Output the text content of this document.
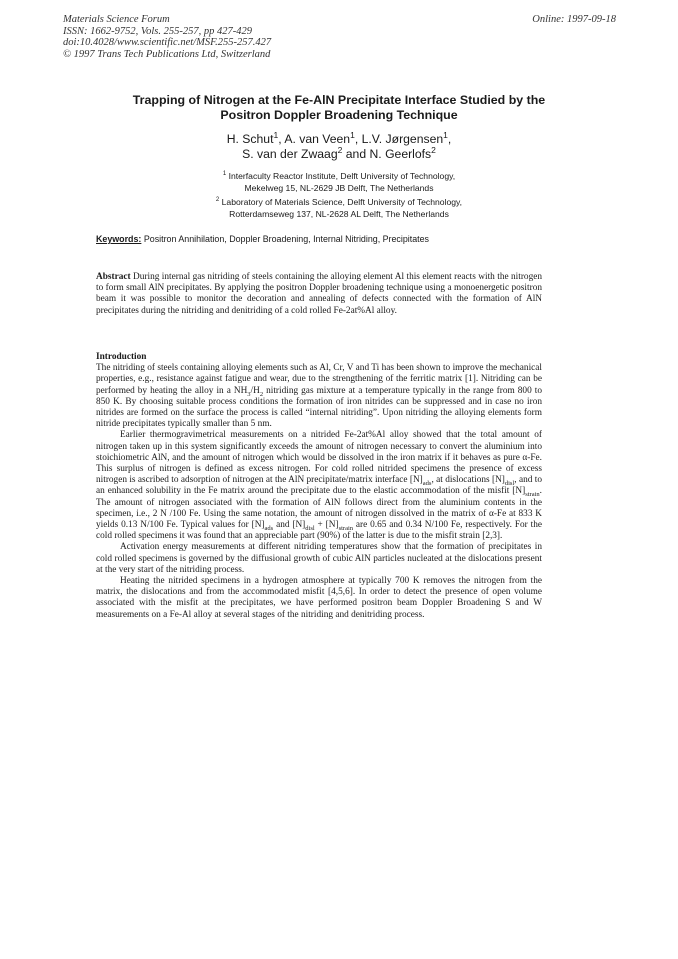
Materials Science Forum
ISSN: 1662-9752, Vols. 255-257, pp 427-429
doi:10.4028/www.scientific.net/MSF.255-257.427
© 1997 Trans Tech Publications Ltd, Switzerland
Online: 1997-09-18
Trapping of Nitrogen at the Fe-AlN Precipitate Interface Studied by the
Positron Doppler Broadening Technique
H. Schut$^1$, A. van Veen$^1$, L.V. Jørgensen$^1$,
S. van der Zwaag$^2$ and N. Geerlofs$^2$
$^1$ Interfaculty Reactor Institute, Delft University of Technology,
Mekelweg 15, NL-2629 JB Delft, The Netherlands
$^2$ Laboratory of Materials Science, Delft University of Technology,
Rotterdamseweg 137, NL-2628 AL Delft, The Netherlands
Keywords: Positron Annihilation, Doppler Broadening, Internal Nitriding, Precipitates

Abstract During internal gas nitriding of steels containing the alloying element Al this element reacts with the nitrogen to form small AlN precipitates. By applying the positron Doppler broadening technique using a monoenergetic positron beam it was possible to monitor the decoration and annealing of defects connected with the formation of AlN precipitates during the nitriding and denitriding of a cold rolled Fe-2at%Al alloy.

Introduction

The nitriding of steels containing alloying elements such as Al, Cr, V and Ti has been shown to improve the mechanical properties, e.g., resistance against fatigue and wear, due to the strengthening of the ferritic matrix [1]. Nitriding can be performed by heating the alloy in a $NH_3/H_2$ nitriding gas mixture at a temperature typically in the range from 800 to 850 K. By choosing suitable process conditions the formation of iron nitrides can be suppressed and in case no iron nitrides are formed on the surface the process is called “internal nitriding”. Upon nitriding the alloying elements form nitride precipitates typically smaller than 5 nm.

Earlier thermogravimetrical measurements on a nitrided Fe-2at%Al alloy showed that the total amount of nitrogen taken up in this system significantly exceeds the amount of nitrogen necessary to convert the aluminium into stoichiometric AlN, and the amount of nitrogen which would be dissolved in the iron matrix if it behaves as pure α-Fe. This surplus of nitrogen is defined as excess nitrogen. For cold rolled nitrided specimens the presence of excess nitrogen is ascribed to adsorption of nitrogen at the AlN precipitate/matrix interface $[N]_{ads}$, at dislocations $[N]_{disl}$, and to an enhanced solubility in the Fe matrix around the precipitate due to the elastic accommodation of the misfit $[N]_{strain}$. The amount of nitrogen associated with the formation of AlN follows direct from the aluminium contents in the specimen, i.e., 2 N /100 Fe. Using the same notation, the amount of nitrogen dissolved in the matrix of α-Fe at 833 K yields 0.13 N/100 Fe. Typical values for $[N]_{ads}$ and $[N]_{disl} + [N]_{strain}$ are 0.65 and 0.34 N/100 Fe, respectively. For the cold rolled specimens it was found that an appreciable part (90%) of the latter is due to the misfit strain [2,3].

Activation energy measurements at different nitriding temperatures show that the formation of precipitates in cold rolled specimens is governed by the diffusional growth of cubic AlN particles nucleated at the dislocations present at the very start of the nitriding process.

Heating the nitrided specimens in a hydrogen atmosphere at typically 700 K removes the nitrogen from the matrix, the dislocations and from the accommodated misfit [4,5,6]. In order to detect the presence of open volume associated with the misfit at the precipitates, we have performed positron beam Doppler Broadening S and W measurements on a Fe-Al alloy at several stages of the nitriding and denitriding process.
